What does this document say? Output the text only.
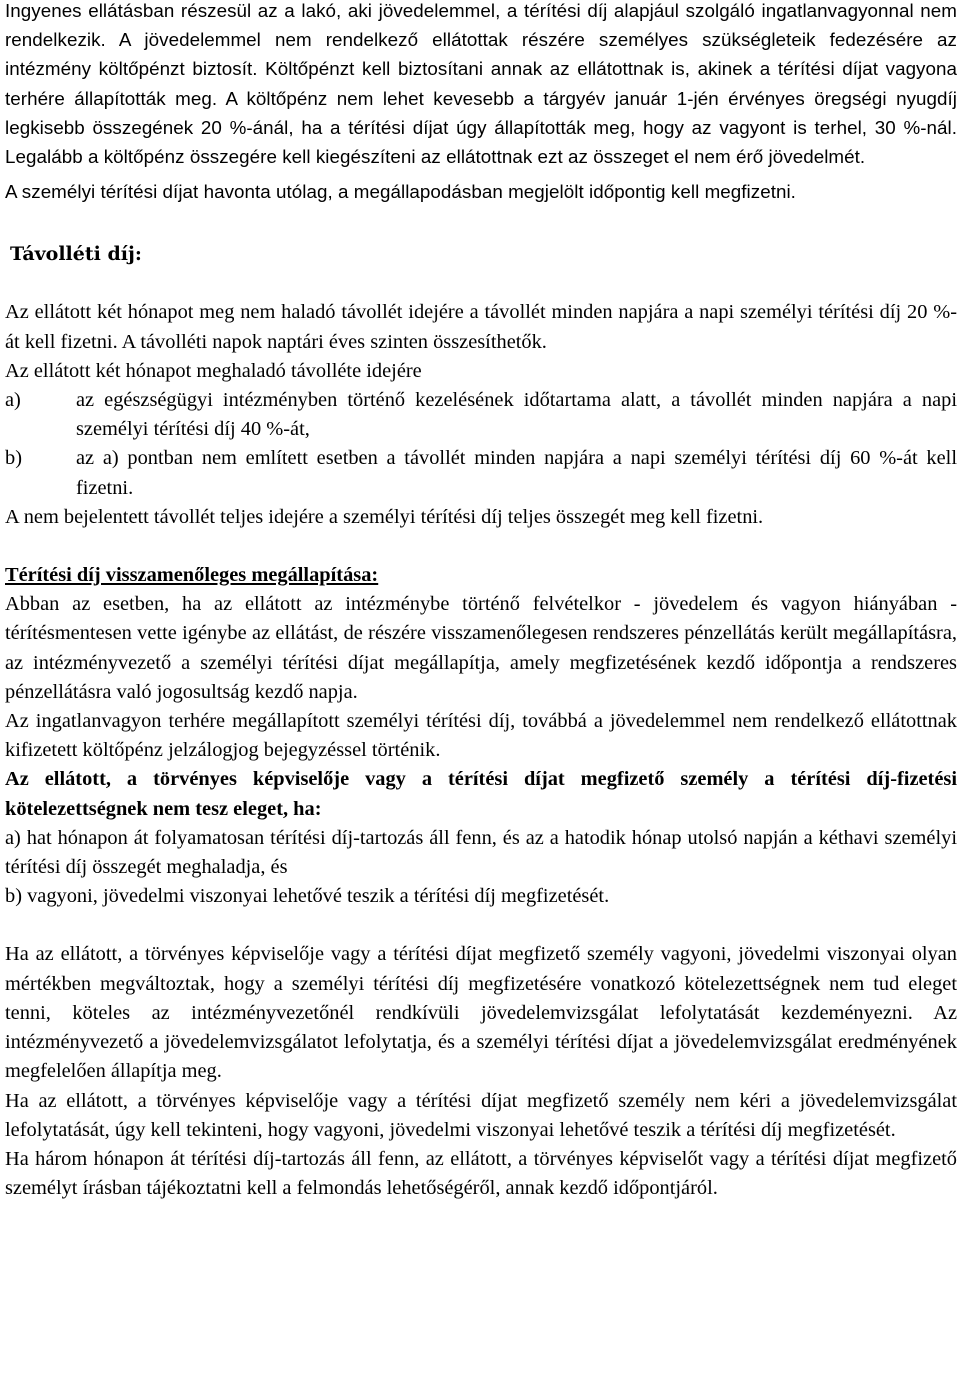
Ingyenes ellátásban részesül az a lakó, aki jövedelemmel, a térítési díj alapjául szolgáló ingatlanvagyonnal nem rendelkezik. A jövedelemmel nem rendelkező ellátottak részére személyes szükségleteik fedezésére az intézmény költőpénzt biztosít. Költőpénzt kell biztosítani annak az ellátottnak is, akinek a térítési díjat vagyona terhére állapították meg. A költőpénz nem lehet kevesebb a tárgyév január 1-jén érvényes öregségi nyugdíj legkisebb összegének 20 %-ánál, ha a térítési díjat úgy állapították meg, hogy az vagyont is terhel, 30 %-nál. Legalább a költőpénz összegére kell kiegészíteni az ellátottnak ezt az összeget el nem érő jövedelmét.

A személyi térítési díjat havonta utólag, a megállapodásban megjelölt időpontig kell megfizetni.

Távolléti díj:

Az ellátott két hónapot meg nem haladó távollét idejére a távollét minden napjára a napi személyi térítési díj 20 %-át kell fizetni. A távolléti napok naptári éves szinten összesíthetők.

Az ellátott két hónapot meghaladó távolléte idejére

a)	az egészségügyi intézményben történő kezelésének időtartama alatt, a távollét minden napjára a napi személyi térítési díj 40 %-át,
b)	az a) pontban nem említett esetben a távollét minden napjára a napi személyi térítési díj 60 %-át kell fizetni.

A nem bejelentett távollét teljes idejére a személyi térítési díj teljes összegét meg kell fizetni.

Térítési díj visszamenőleges megállapítása:

Abban az esetben, ha az ellátott az intézménybe történő felvételkor - jövedelem és vagyon hiányában - térítésmentesen vette igénybe az ellátást, de részére visszamenőlegesen rendszeres pénzellátás került megállapításra, az intézményvezető a személyi térítési díjat megállapítja, amely megfizetésének kezdő időpontja a rendszeres pénzellátásra való jogosultság kezdő napja.

Az ingatlanvagyon terhére megállapított személyi térítési díj, továbbá a jövedelemmel nem rendelkező ellátottnak kifizetett költőpénz jelzálogjog bejegyzéssel történik.

Az ellátott, a törvényes képviselője vagy a térítési díjat megfizető személy a térítési díj-fizetési kötelezettségnek nem tesz eleget, ha:

a) hat hónapon át folyamatosan térítési díj-tartozás áll fenn, és az a hatodik hónap utolsó napján a kéthavi személyi térítési díj összegét meghaladja, és

b) vagyoni, jövedelmi viszonyai lehetővé teszik a térítési díj megfizetését.

Ha az ellátott, a törvényes képviselője vagy a térítési díjat megfizető személy vagyoni, jövedelmi viszonyai olyan mértékben megváltoztak, hogy a személyi térítési díj megfizetésére vonatkozó kötelezettségnek nem tud eleget tenni, köteles az intézményvezetőnél rendkívüli jövedelemvizsgálat lefolytatását kezdeményezni. Az intézményvezető a jövedelemvizsgálatot lefolytatja, és a személyi térítési díjat a jövedelemvizsgálat eredményének megfelelően állapítja meg.

Ha az ellátott, a törvényes képviselője vagy a térítési díjat megfizető személy nem kéri a jövedelemvizsgálat lefolytatását, úgy kell tekinteni, hogy vagyoni, jövedelmi viszonyai lehetővé teszik a térítési díj megfizetését.

Ha három hónapon át térítési díj-tartozás áll fenn, az ellátott, a törvényes képviselőt vagy a térítési díjat megfizető személyt írásban tájékoztatni kell a felmondás lehetőségéről, annak kezdő időpontjáról.
